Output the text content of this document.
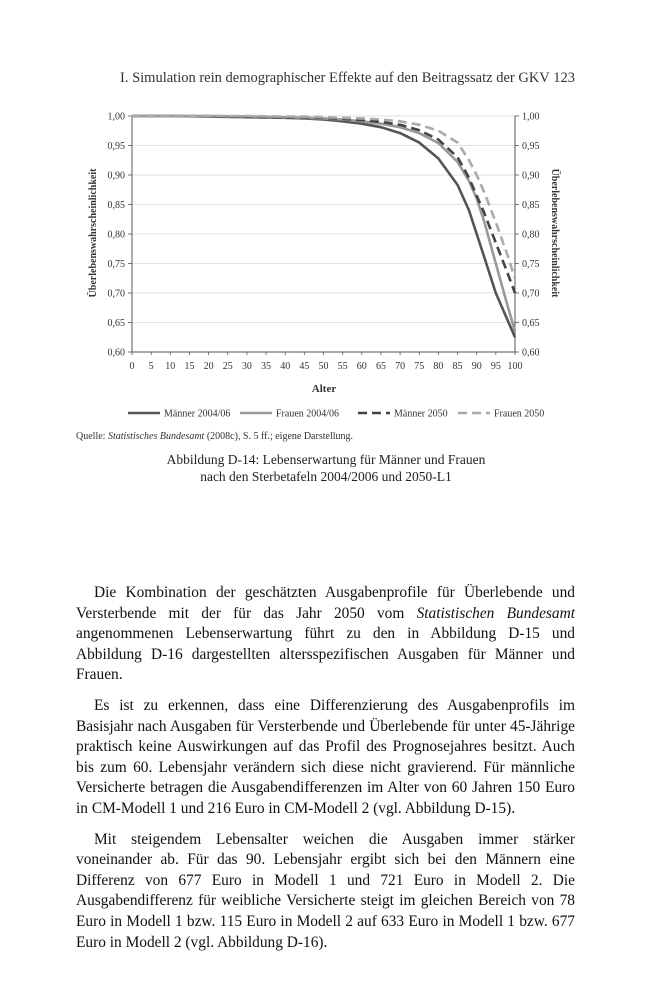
I. Simulation rein demographischer Effekte auf den Beitragssatz der GKV 123
0,60	0,60
0,65	0,65
0,70	0,70
0,75	0,75
0,80	0,80
0,85	0,85
0,90	0,90
0,95	0,95
1,00	1,00
0 5 10 15 20 25 30 35 40 45 50 55 60 65 70 75 80 85 90 95 100
Alter
Überlebenswahrscheinlichkeit	Überlebenswahrscheinlichkeit
Männer 2004/06	Frauen 2004/06	Männer 2050	Frauen 2050
Quelle: Statistisches Bundesamt (2008c), S. 5 ff.; eigene Darstellung.
Abbildung D-14: Lebenserwartung für Männer und Frauen
nach den Sterbetafeln 2004/2006 und 2050-L1

Die Kombination der geschätzten Ausgabenprofile für Überlebende und Versterbende mit der für das Jahr 2050 vom Statistischen Bundesamt angenommenen Lebenserwartung führt zu den in Abbildung D-15 und Abbildung D-16 dargestellten altersspezifischen Ausgaben für Männer und Frauen.

Es ist zu erkennen, dass eine Differenzierung des Ausgabenprofils im Basisjahr nach Ausgaben für Versterbende und Überlebende für unter 45-Jährige praktisch keine Auswirkungen auf das Profil des Prognosejahres besitzt. Auch bis zum 60. Lebensjahr verändern sich diese nicht gravierend. Für männliche Versicherte betragen die Ausgabendifferenzen im Alter von 60 Jahren 150 Euro in CM-Modell 1 und 216 Euro in CM-Modell 2 (vgl. Abbildung D-15).

Mit steigendem Lebensalter weichen die Ausgaben immer stärker voneinander ab. Für das 90. Lebensjahr ergibt sich bei den Männern eine Differenz von 677 Euro in Modell 1 und 721 Euro in Modell 2. Die Ausgabendifferenz für weibliche Versicherte steigt im gleichen Bereich von 78 Euro in Modell 1 bzw. 115 Euro in Modell 2 auf 633 Euro in Modell 1 bzw. 677 Euro in Modell 2 (vgl. Abbildung D-16).
